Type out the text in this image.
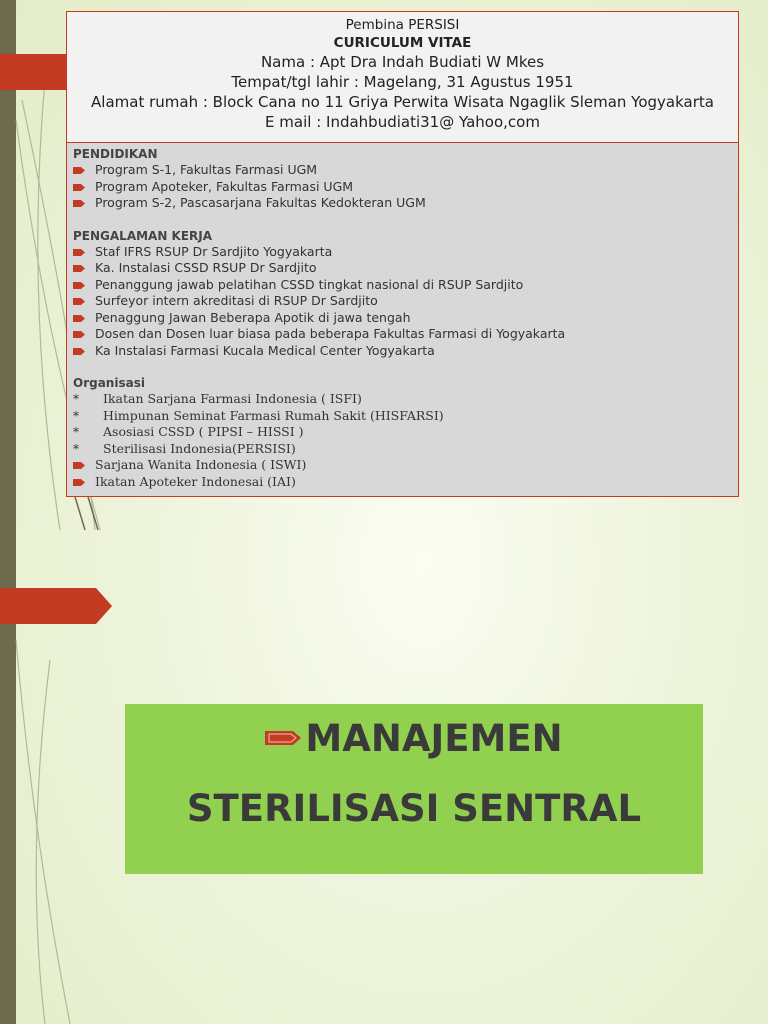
Pembina PERSISI
CURICULUM VITAE
Nama : Apt Dra Indah Budiati W Mkes
Tempat/tgl lahir : Magelang, 31 Agustus 1951
Alamat rumah : Block Cana no 11 Griya Perwita Wisata Ngaglik Sleman Yogyakarta
E mail : Indahbudiati31@ Yahoo,com
PENDIDIKAN
Program S-1, Fakultas Farmasi UGM
Program Apoteker, Fakultas Farmasi UGM
Program S-2, Pascasarjana Fakultas Kedokteran UGM
PENGALAMAN KERJA
Staf IFRS RSUP Dr Sardjito Yogyakarta
Ka. Instalasi CSSD RSUP Dr Sardjito
Penanggung jawab pelatihan CSSD tingkat nasional di RSUP Sardjito
Surfeyor intern akreditasi di RSUP Dr Sardjito
Penaggung Jawan Beberapa Apotik di jawa tengah
Dosen dan Dosen luar biasa pada beberapa Fakultas Farmasi di Yogyakarta
Ka Instalasi Farmasi Kucala Medical Center Yogyakarta
Organisasi
*	Ikatan Sarjana Farmasi Indonesia ( ISFI)
*	Himpunan Seminat Farmasi Rumah Sakit (HISFARSI)
*	Asosiasi CSSD ( PIPSI – HISSI )
*	Sterilisasi Indonesia(PERSISI)
Sarjana Wanita Indonesia ( ISWI)
Ikatan Apoteker Indonesai (IAI)
MANAJEMEN
STERILISASI SENTRAL
